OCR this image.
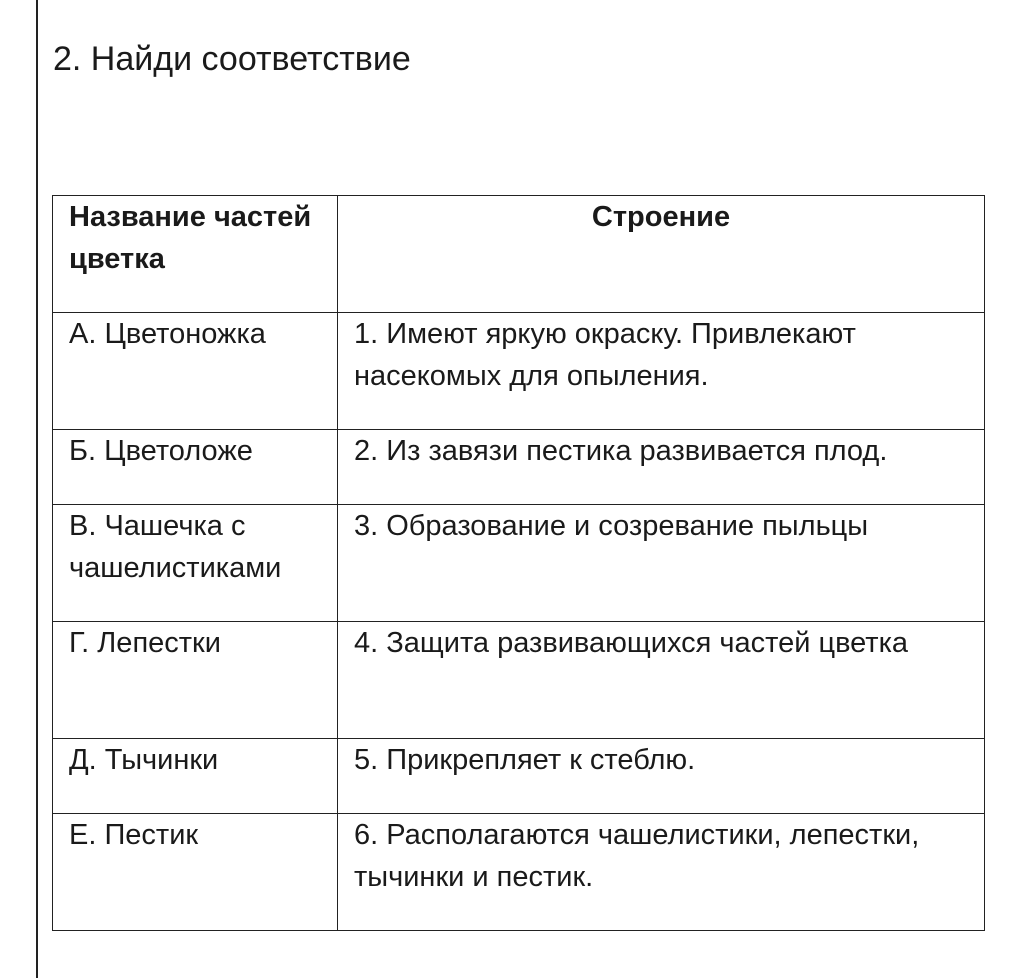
2. Найди соответствие
Название частей цветка	Строение

А. Цветоножка	1. Имеют яркую окраску. Привлекают насекомых для опыления.

Б. Цветоложе	2. Из завязи пестика развивается плод.

В. Чашечка с чашелистиками	3. Образование и созревание пыльцы

Г. Лепестки	4. Защита развивающихся частей цветка

Д. Тычинки	5. Прикрепляет к стеблю.

Е. Пестик	6. Располагаются чашелистики, лепестки, тычинки и пестик.
